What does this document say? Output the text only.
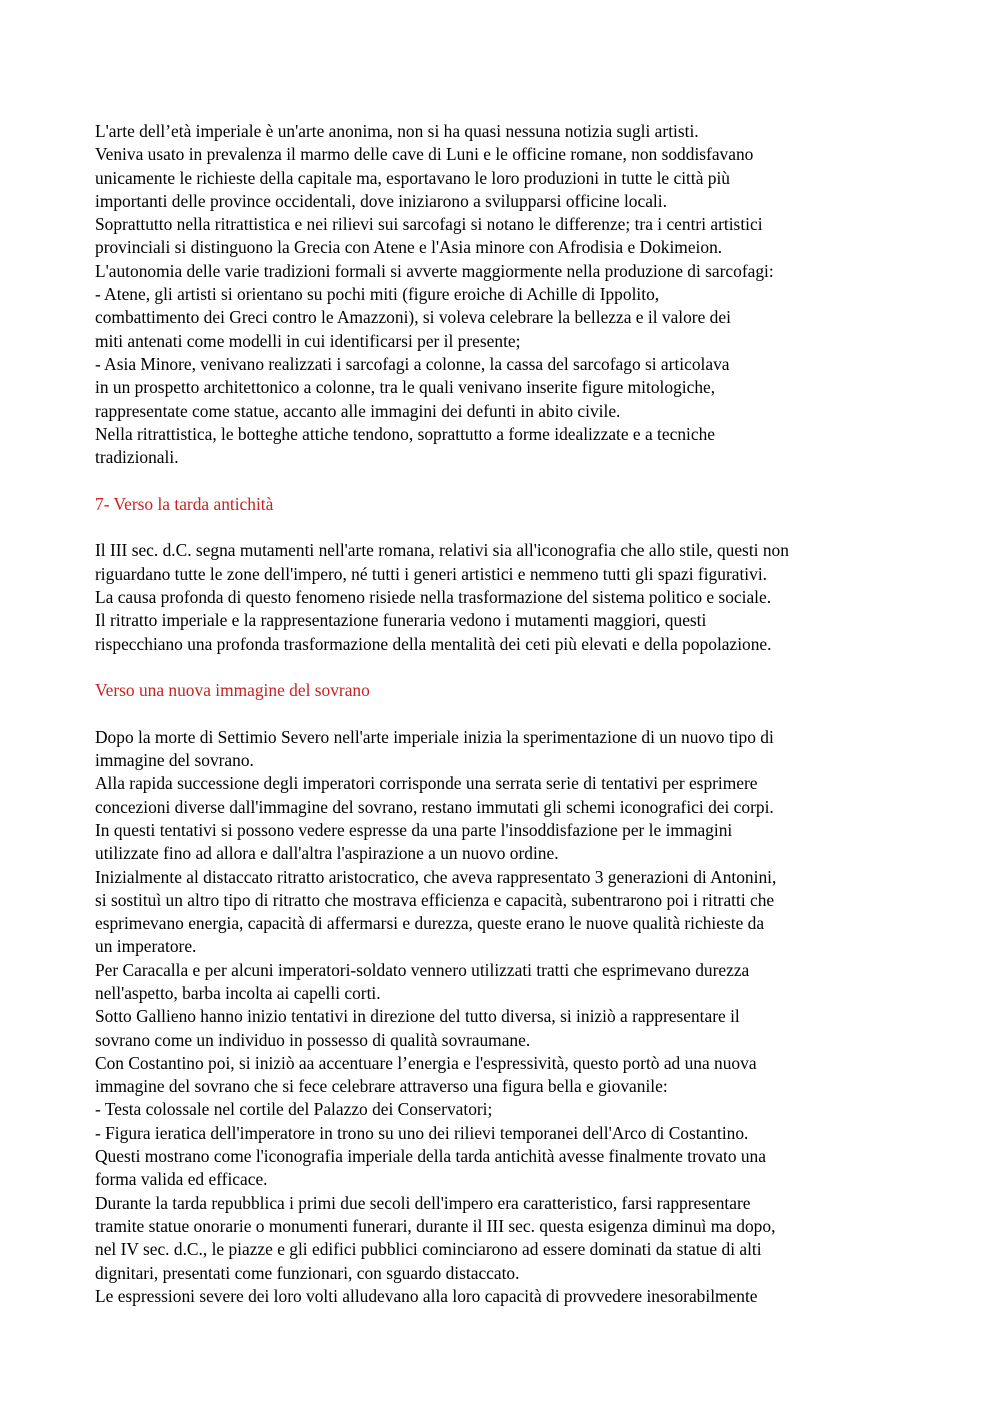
L'arte dell’età imperiale è un'arte anonima, non si ha quasi nessuna notizia sugli artisti.
Veniva usato in prevalenza il marmo delle cave di Luni e le officine romane, non soddisfavano
unicamente le richieste della capitale ma, esportavano le loro produzioni in tutte le città più
importanti delle province occidentali, dove iniziarono a svilupparsi officine locali.
Soprattutto nella ritrattistica e nei rilievi sui sarcofagi si notano le differenze; tra i centri artistici
provinciali si distinguono la Grecia con Atene e l'Asia minore con Afrodisia e Dokimeion.
L'autonomia delle varie tradizioni formali si avverte maggiormente nella produzione di sarcofagi:
- Atene, gli artisti si orientano su pochi miti (figure eroiche di Achille di Ippolito,
combattimento dei Greci contro le Amazzoni), si voleva celebrare la bellezza e il valore dei
miti antenati come modelli in cui identificarsi per il presente;
- Asia Minore, venivano realizzati i sarcofagi a colonne, la cassa del sarcofago si articolava
in un prospetto architettonico a colonne, tra le quali venivano inserite figure mitologiche,
rappresentate come statue, accanto alle immagini dei defunti in abito civile.
Nella ritrattistica, le botteghe attiche tendono, soprattutto a forme idealizzate e a tecniche
tradizionali.
7- Verso la tarda antichità
Il III sec. d.C. segna mutamenti nell'arte romana, relativi sia all'iconografia che allo stile, questi non
riguardano tutte le zone dell'impero, né tutti i generi artistici e nemmeno tutti gli spazi figurativi.
La causa profonda di questo fenomeno risiede nella trasformazione del sistema politico e sociale.
Il ritratto imperiale e la rappresentazione funeraria vedono i mutamenti maggiori, questi
rispecchiano una profonda trasformazione della mentalità dei ceti più elevati e della popolazione.
Verso una nuova immagine del sovrano
Dopo la morte di Settimio Severo nell'arte imperiale inizia la sperimentazione di un nuovo tipo di
immagine del sovrano.
Alla rapida successione degli imperatori corrisponde una serrata serie di tentativi per esprimere
concezioni diverse dall'immagine del sovrano, restano immutati gli schemi iconografici dei corpi.
In questi tentativi si possono vedere espresse da una parte l'insoddisfazione per le immagini
utilizzate fino ad allora e dall'altra l'aspirazione a un nuovo ordine.
Inizialmente al distaccato ritratto aristocratico, che aveva rappresentato 3 generazioni di Antonini,
si sostituì un altro tipo di ritratto che mostrava efficienza e capacità, subentrarono poi i ritratti che
esprimevano energia, capacità di affermarsi e durezza, queste erano le nuove qualità richieste da
un imperatore.
Per Caracalla e per alcuni imperatori-soldato vennero utilizzati tratti che esprimevano durezza
nell'aspetto, barba incolta ai capelli corti.
Sotto Gallieno hanno inizio tentativi in direzione del tutto diversa, si iniziò a rappresentare il
sovrano come un individuo in possesso di qualità sovraumane.
Con Costantino poi, si iniziò aa accentuare l’energia e l'espressività, questo portò ad una nuova
immagine del sovrano che si fece celebrare attraverso una figura bella e giovanile:
- Testa colossale nel cortile del Palazzo dei Conservatori;
- Figura ieratica dell'imperatore in trono su uno dei rilievi temporanei dell'Arco di Costantino.
Questi mostrano come l'iconografia imperiale della tarda antichità avesse finalmente trovato una
forma valida ed efficace.
Durante la tarda repubblica i primi due secoli dell'impero era caratteristico, farsi rappresentare
tramite statue onorarie o monumenti funerari, durante il III sec. questa esigenza diminuì ma dopo,
nel IV sec. d.C., le piazze e gli edifici pubblici cominciarono ad essere dominati da statue di alti
dignitari, presentati come funzionari, con sguardo distaccato.
Le espressioni severe dei loro volti alludevano alla loro capacità di provvedere inesorabilmente
